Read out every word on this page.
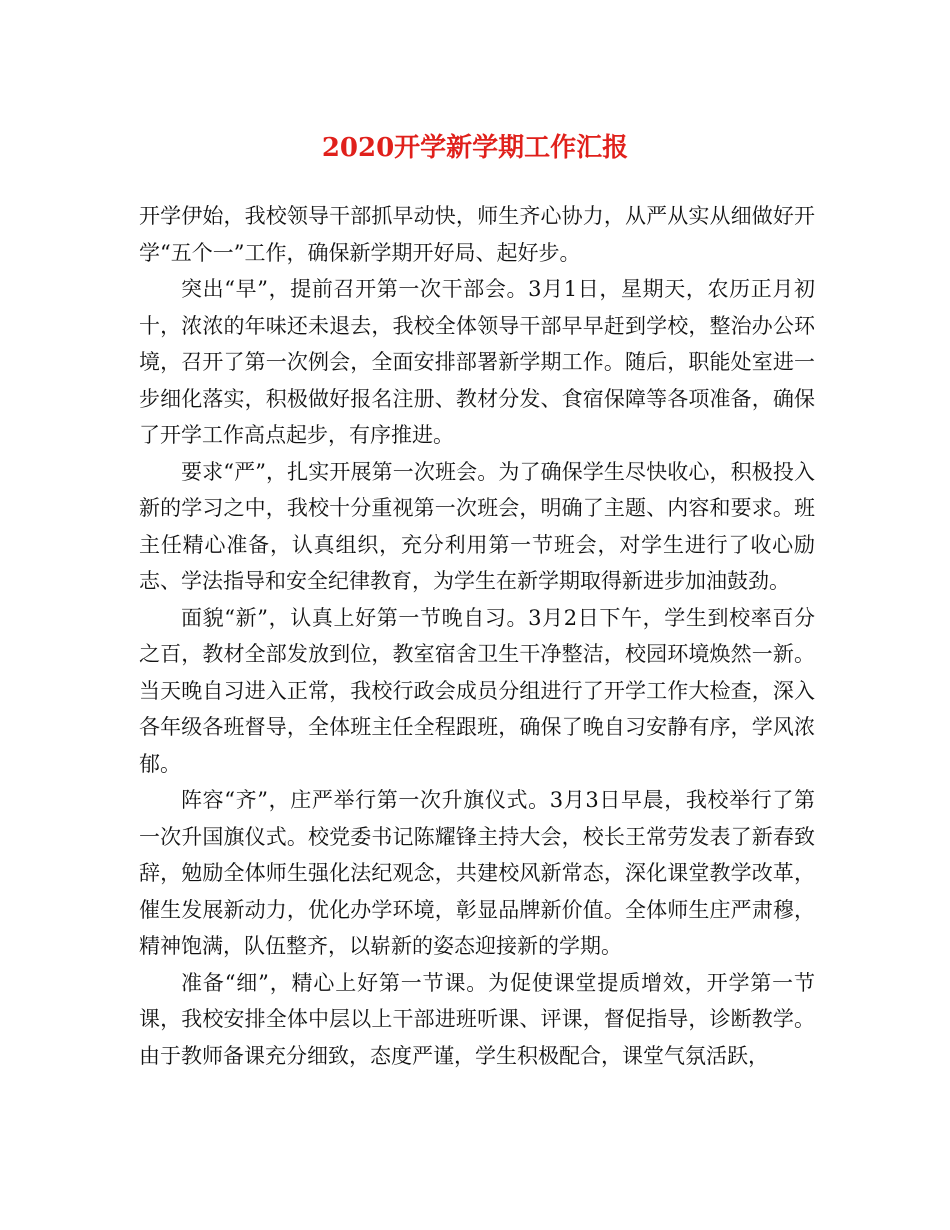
2020开学新学期工作汇报

开学伊始，我校领导干部抓早动快，师生齐心协力，从严从实从细做好开学“五个一”工作，确保新学期开好局、起好步。

突出“早”，提前召开第一次干部会。3月1日，星期天，农历正月初十，浓浓的年味还未退去，我校全体领导干部早早赶到学校，整治办公环境，召开了第一次例会，全面安排部署新学期工作。随后，职能处室进一步细化落实，积极做好报名注册、教材分发、食宿保障等各项准备，确保了开学工作高点起步，有序推进。

要求“严”，扎实开展第一次班会。为了确保学生尽快收心，积极投入新的学习之中，我校十分重视第一次班会，明确了主题、内容和要求。班主任精心准备，认真组织，充分利用第一节班会，对学生进行了收心励志、学法指导和安全纪律教育，为学生在新学期取得新进步加油鼓劲。

面貌“新”，认真上好第一节晚自习。3月2日下午，学生到校率百分之百，教材全部发放到位，教室宿舍卫生干净整洁，校园环境焕然一新。当天晚自习进入正常，我校行政会成员分组进行了开学工作大检查，深入各年级各班督导，全体班主任全程跟班，确保了晚自习安静有序，学风浓郁。

阵容“齐”，庄严举行第一次升旗仪式。3月3日早晨，我校举行了第一次升国旗仪式。校党委书记陈耀锋主持大会，校长王常劳发表了新春致辞，勉励全体师生强化法纪观念，共建校风新常态，深化课堂教学改革，催生发展新动力，优化办学环境，彰显品牌新价值。全体师生庄严肃穆，精神饱满，队伍整齐，以崭新的姿态迎接新的学期。

准备“细”，精心上好第一节课。为促使课堂提质增效，开学第一节课，我校安排全体中层以上干部进班听课、评课，督促指导，诊断教学。由于教师备课充分细致，态度严谨，学生积极配合，课堂气氛活跃，
